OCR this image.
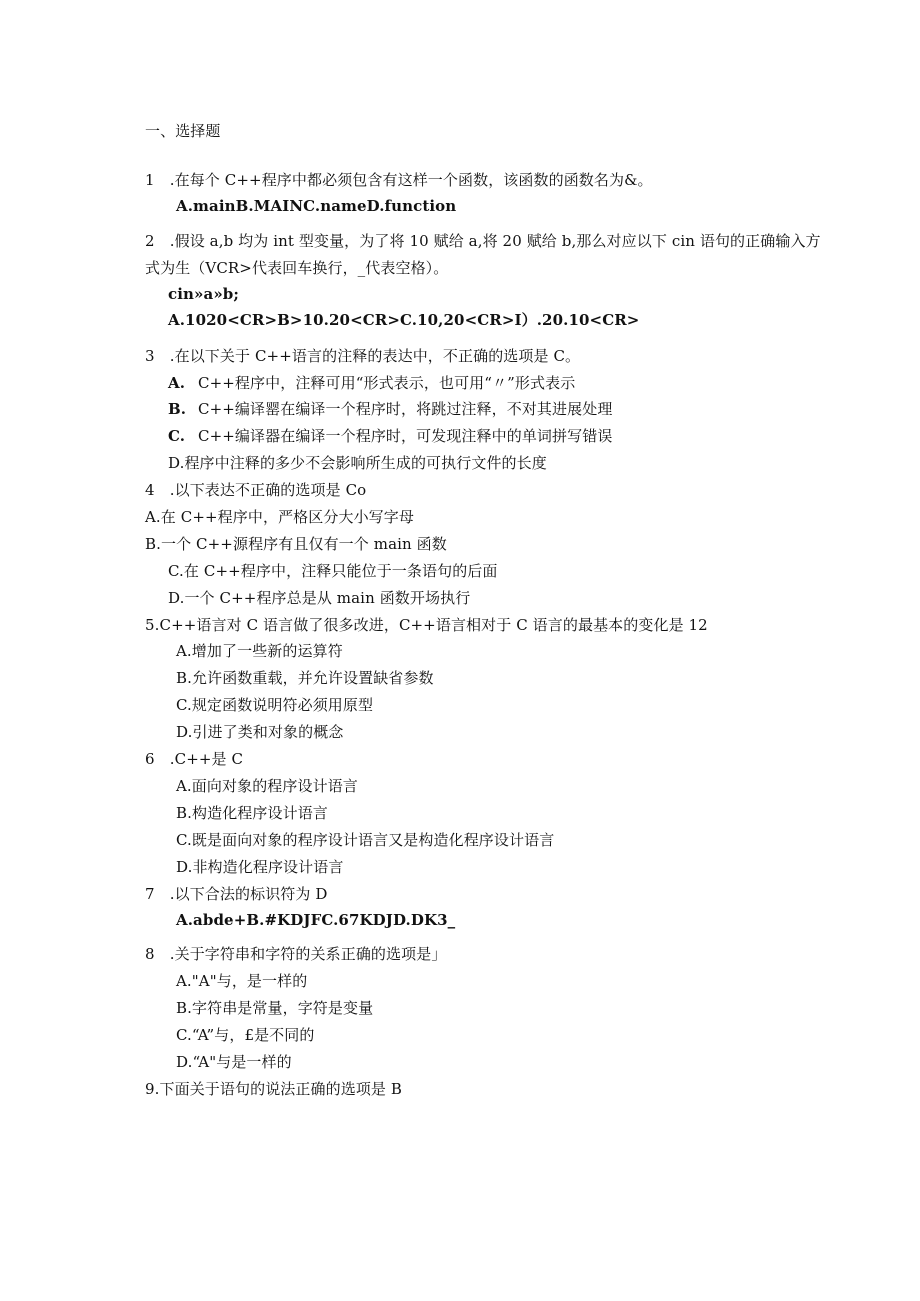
一、选择题
1　.在每个 C++程序中都必须包含有这样一个函数，该函数的函数名为&。
A.mainB.MAINC.nameD.function
2　.假设 a,b 均为 int 型变量，为了将 10 赋给 a,将 20 赋给 b,那么对应以下 cin 语句的正确输入方
式为生（VCR>代表回车换行，_代表空格）。
cin»a»b;
A.1020<CR>B>10.20<CR>C.10,20<CR>I）.20.10<CR>
3　.在以下关于 C++语言的注释的表达中，不正确的选项是 C。
A. C++程序中，注释可用“形式表示，也可用“〃”形式表示
B. C++编译罂在编译一个程序时，将跳过注释，不对其进展处理
C. C++编译器在编译一个程序时，可发现注释中的单词拼写错误
D.程序中注释的多少不会影响所生成的可执行文件的长度
4　.以下表达不正确的选项是 Co
A.在 C++程序中，严格区分大小写字母
B.一个 C++源程序有且仅有一个 main 函数
C.在 C++程序中，注释只能位于一条语句的后面
D.一个 C++程序总是从 main 函数开场执行
5.C++语言对 C 语言做了很多改进，C++语言相对于 C 语言的最基本的变化是 12
A.增加了一些新的运算符
B.允许函数重载，并允许设置缺省参数
C.规定函数说明符必须用原型
D.引进了类和对象的概念
6　.C++是 C
A.面向对象的程序设计语言
B.构造化程序设计语言
C.既是面向对象的程序设计语言又是构造化程序设计语言
D.非构造化程序设计语言
7　.以下合法的标识符为 D
A.abde+B.#KDJFC.67KDJD.DK3_
8　.关于字符串和字符的关系正确的选项是」
A."A"与，是一样的
B.字符串是常量，字符是变量
C.“A”与，£是不同的
D.“A"与是一样的
9.下面关于语句的说法正确的选项是 B
